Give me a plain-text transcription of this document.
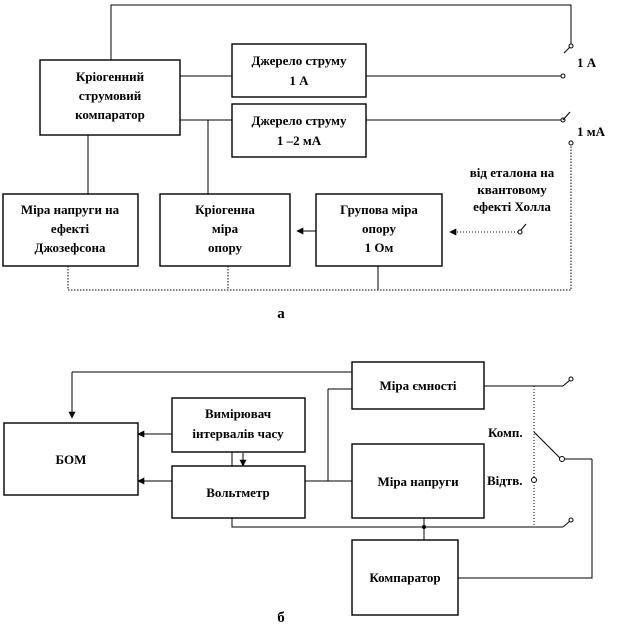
Кріогенний
струмовий
компаратор
Джерело струму
1 А
Джерело струму
1 –2 мА
Міра напруги на
ефекті
Джозефсона
Кріогенна
міра
опору
Групова міра
опору
1 Ом
1 А
1 мА
від еталона на
квантовому
ефекті Холла
а
БОМ
Вимірювач
інтервалів часу
Вольтметр
Міра ємності
Міра напруги
Компаратор
Комп.
Відтв.
б
